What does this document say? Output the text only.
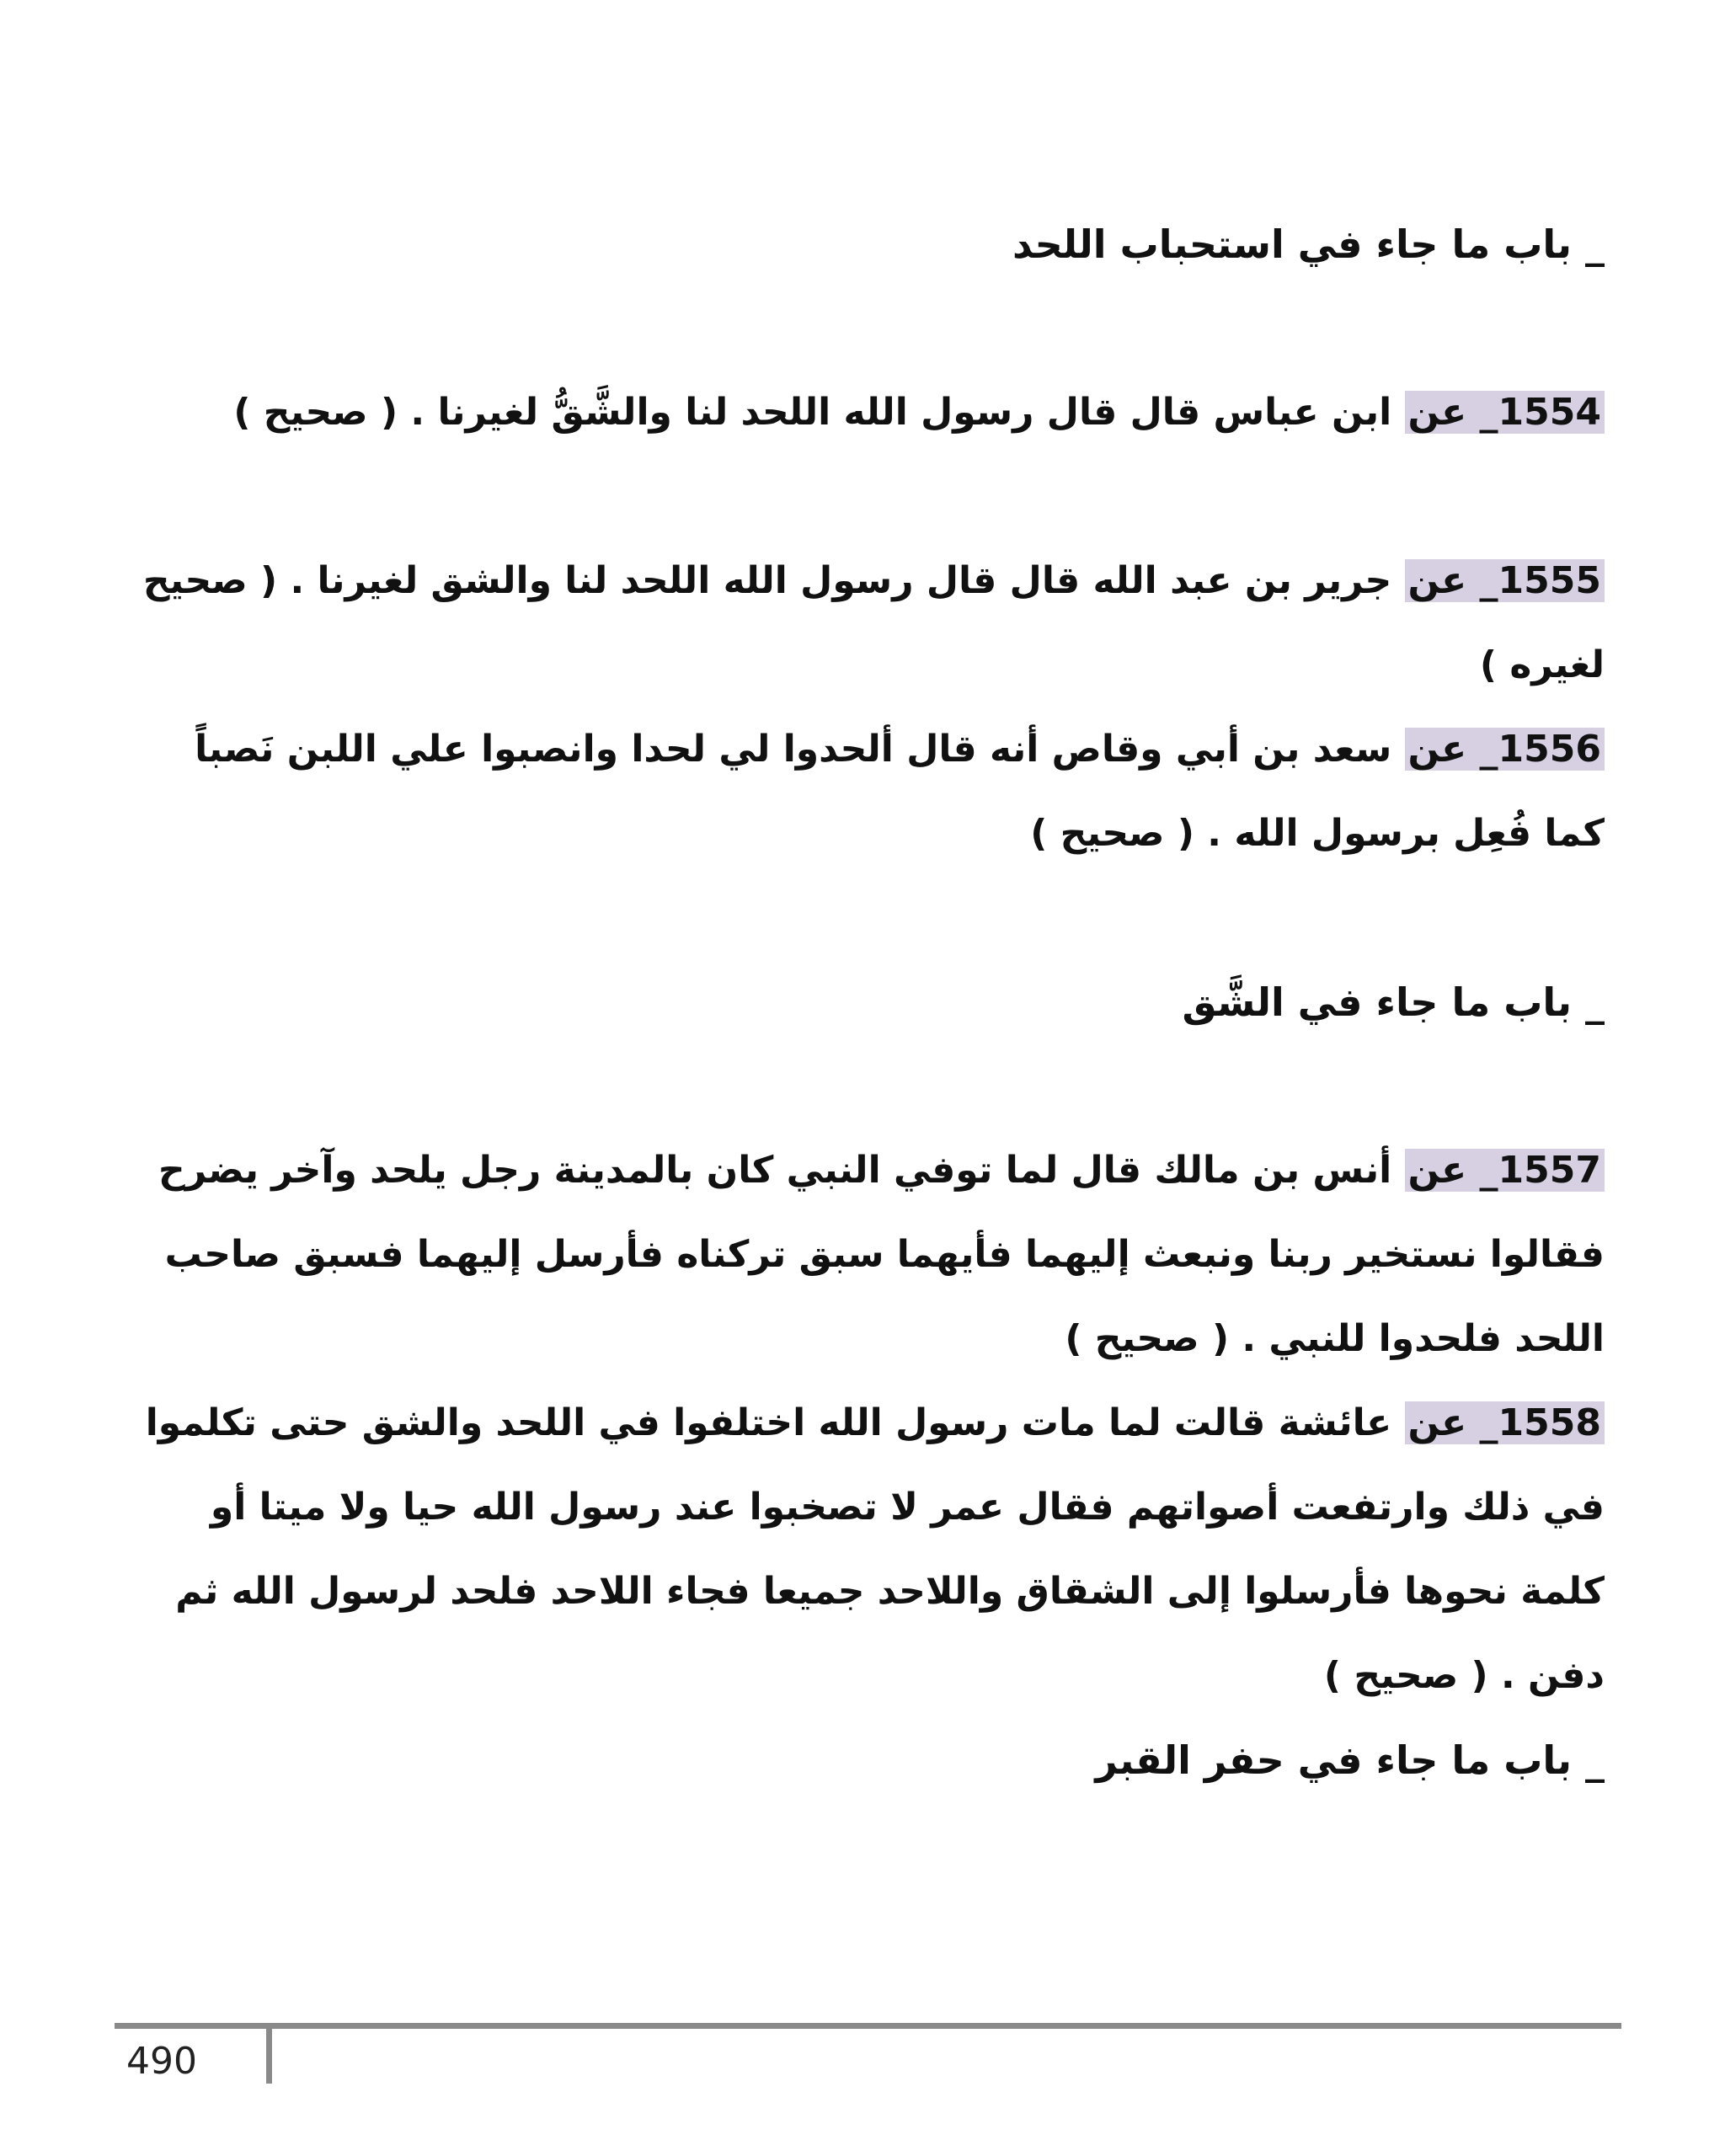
_ باب ما جاء في استحباب اللحد
1554_ عن ابن عباس قال قال رسول الله اللحد لنا والشَّقُّ لغيرنا . ( صحيح )
1555_ عن جرير بن عبد الله قال قال رسول الله اللحد لنا والشق لغيرنا . ( صحيح لغيره )
1556_ عن سعد بن أبي وقاص أنه قال ألحدوا لي لحدا وانصبوا علي اللبن نَصباً كما فُعِل برسول الله . ( صحيح )
_ باب ما جاء في الشَّق
1557_ عن أنس بن مالك قال لما توفي النبي كان بالمدينة رجل يلحد وآخر يضرح فقالوا نستخير ربنا ونبعث إليهما فأيهما سبق تركناه فأرسل إليهما فسبق صاحب اللحد فلحدوا للنبي . ( صحيح )
1558_ عن عائشة قالت لما مات رسول الله اختلفوا في اللحد والشق حتى تكلموا في ذلك وارتفعت أصواتهم فقال عمر لا تصخبوا عند رسول الله حيا ولا ميتا أو كلمة نحوها فأرسلوا إلى الشقاق واللاحد جميعا فجاء اللاحد فلحد لرسول الله ثم دفن . ( صحيح )
_ باب ما جاء في حفر القبر
490
